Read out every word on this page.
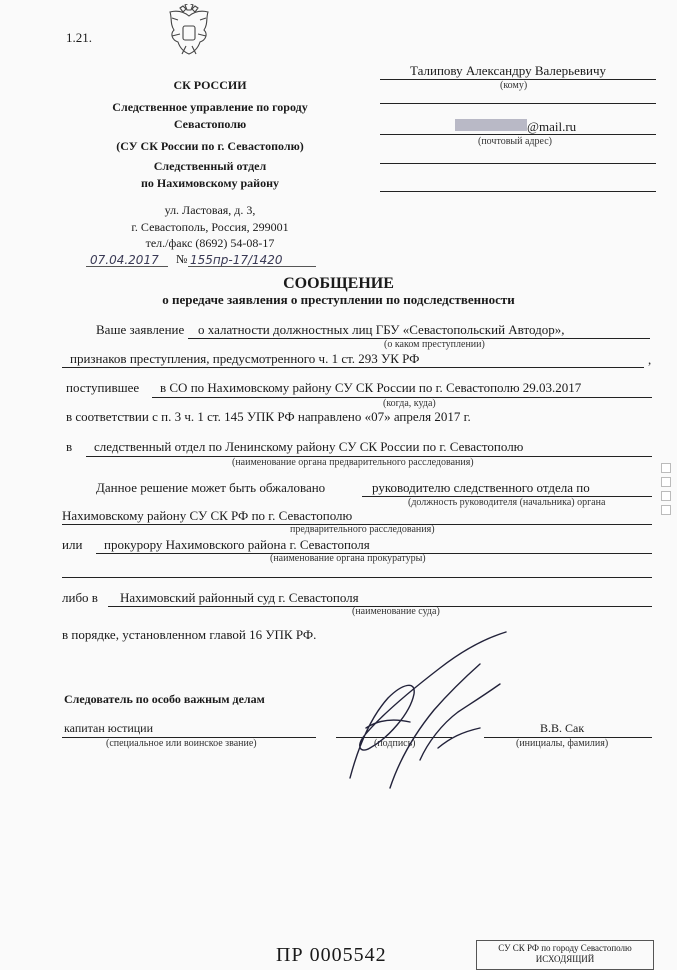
1.21.
СК РОССИИ
Следственное управление по городу
Севастополю
(СУ СК России по г. Севастополю)
Следственный отдел
по Нахимовскому району
ул. Ластовая, д. 3,
г. Севастополь, Россия, 299001
тел./факс (8692) 54-08-17
07.04.2017 № 155пр-17/1420
Талипову Александру Валерьевичу
(кому)
@mail.ru
(почтовый адрес)
СООБЩЕНИЕ
о передаче заявления о преступлении по подследственности
Ваше заявление о халатности должностных лиц ГБУ «Севастопольский Автодор»,
(о каком преступлении)
признаков преступления, предусмотренного ч. 1 ст. 293 УК РФ	,
поступившее в СО по Нахимовскому району СУ СК России по г. Севастополю 29.03.2017
(когда, куда)
в соответствии с п. 3 ч. 1 ст. 145 УПК РФ направлено «07» апреля 2017 г.
в следственный отдел по Ленинскому району СУ СК России по г. Севастополю
(наименование органа предварительного расследования)
Данное решение может быть обжаловано	руководителю следственного отдела по
(должность руководителя (начальника) органа
Нахимовскому району СУ СК РФ по г. Севастополю
предварительного расследования)
или прокурору Нахимовского района г. Севастополя
(наименование органа прокуратуры)
либо в Нахимовский районный суд г. Севастополя
(наименование суда)
в порядке, установленном главой 16 УПК РФ.
Следователь по особо важным делам
капитан юстиции
(специальное или воинское звание)	(подпись)
В.В. Сак
(инициалы, фамилия)
ПР 0005542	СУ СК РФ по городу Севастополю
ИСХОДЯЩИЙ
